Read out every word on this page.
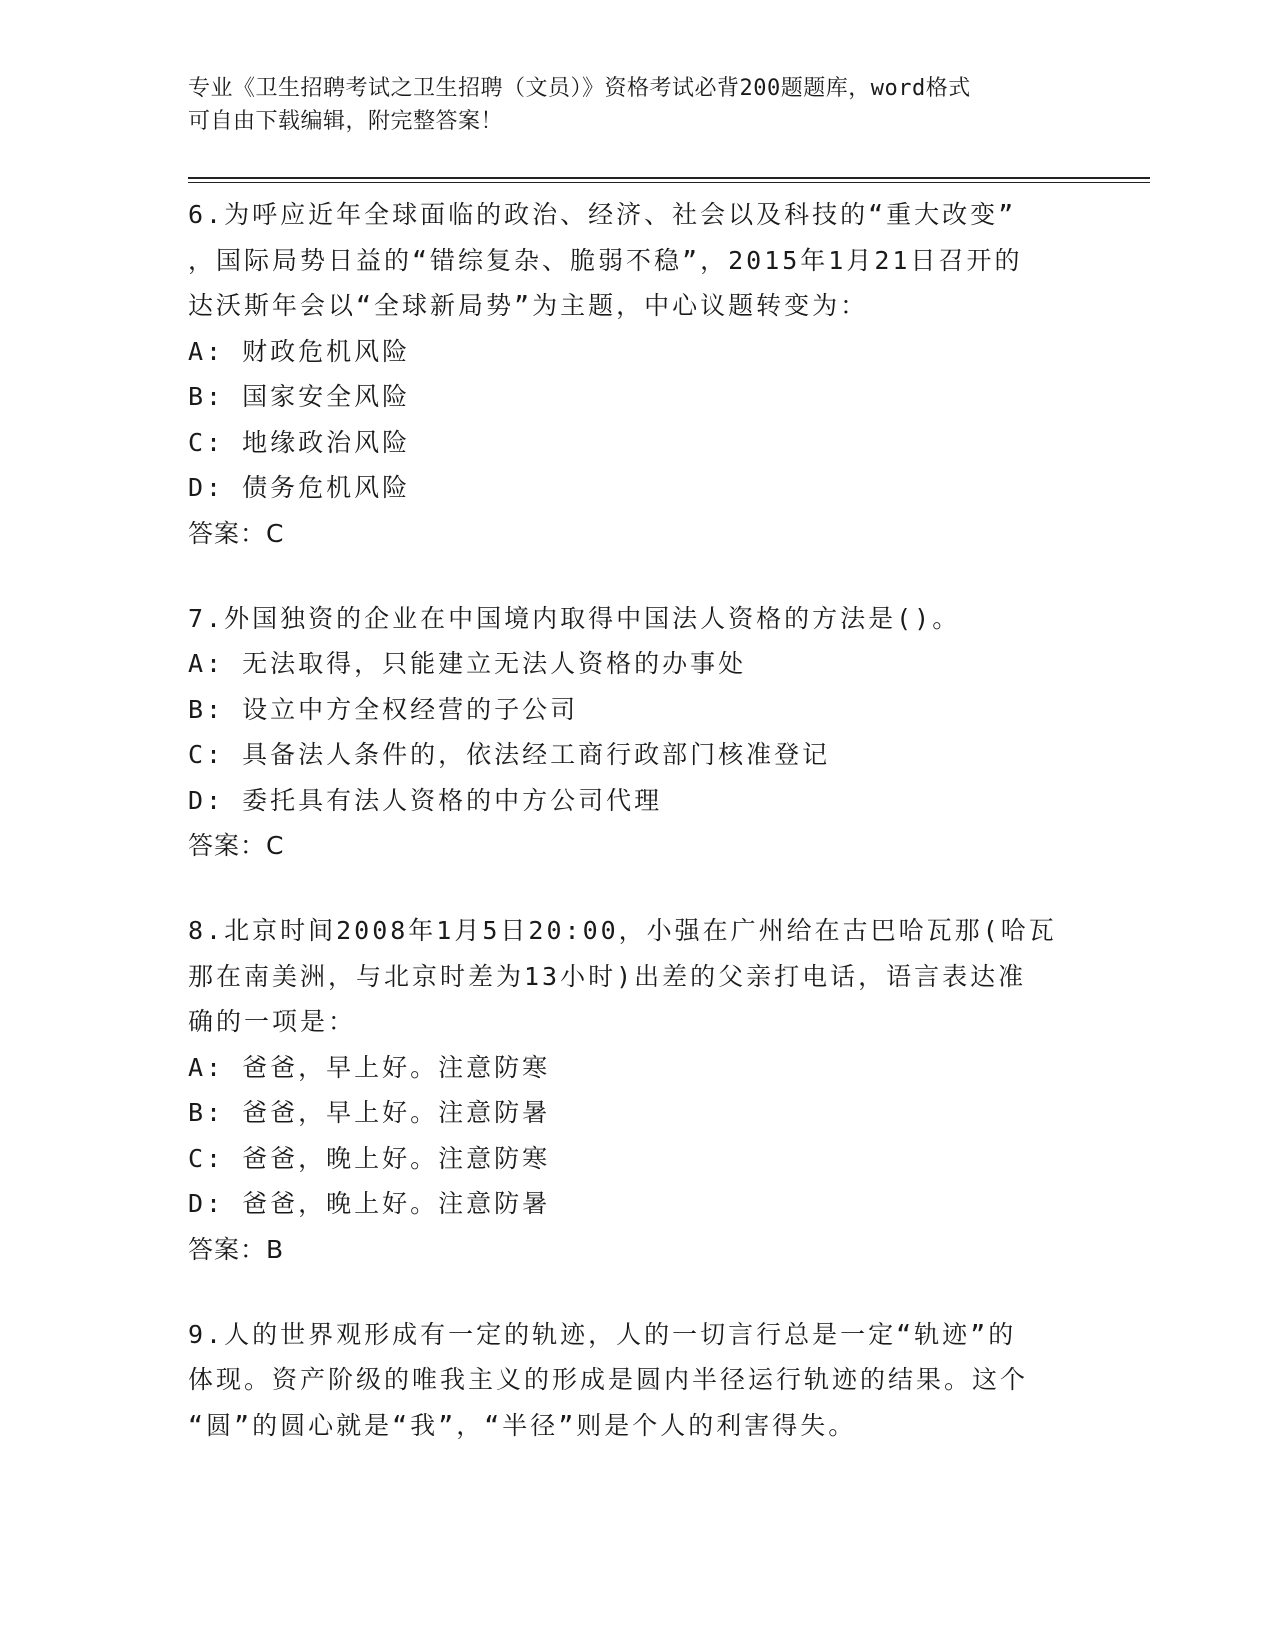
专业《卫生招聘考试之卫生招聘（文员）》资格考试必背200题题库，word格式
可自由下载编辑，附完整答案！
6.为呼应近年全球面临的政治、经济、社会以及科技的“重大改变”
，国际局势日益的“错综复杂、脆弱不稳”，2015年1月21日召开的
达沃斯年会以“全球新局势”为主题，中心议题转变为：
A: 财政危机风险
B: 国家安全风险
C: 地缘政治风险
D: 债务危机风险
答案：C
7.外国独资的企业在中国境内取得中国法人资格的方法是()。
A: 无法取得，只能建立无法人资格的办事处
B: 设立中方全权经营的子公司
C: 具备法人条件的，依法经工商行政部门核准登记
D: 委托具有法人资格的中方公司代理
答案：C
8.北京时间2008年1月5日20:00，小强在广州给在古巴哈瓦那(哈瓦
那在南美洲，与北京时差为13小时)出差的父亲打电话，语言表达准
确的一项是：
A: 爸爸，早上好。注意防寒
B: 爸爸，早上好。注意防暑
C: 爸爸，晚上好。注意防寒
D: 爸爸，晚上好。注意防暑
答案：B
9.人的世界观形成有一定的轨迹，人的一切言行总是一定“轨迹”的
体现。资产阶级的唯我主义的形成是圆内半径运行轨迹的结果。这个
“圆”的圆心就是“我”，“半径”则是个人的利害得失。
